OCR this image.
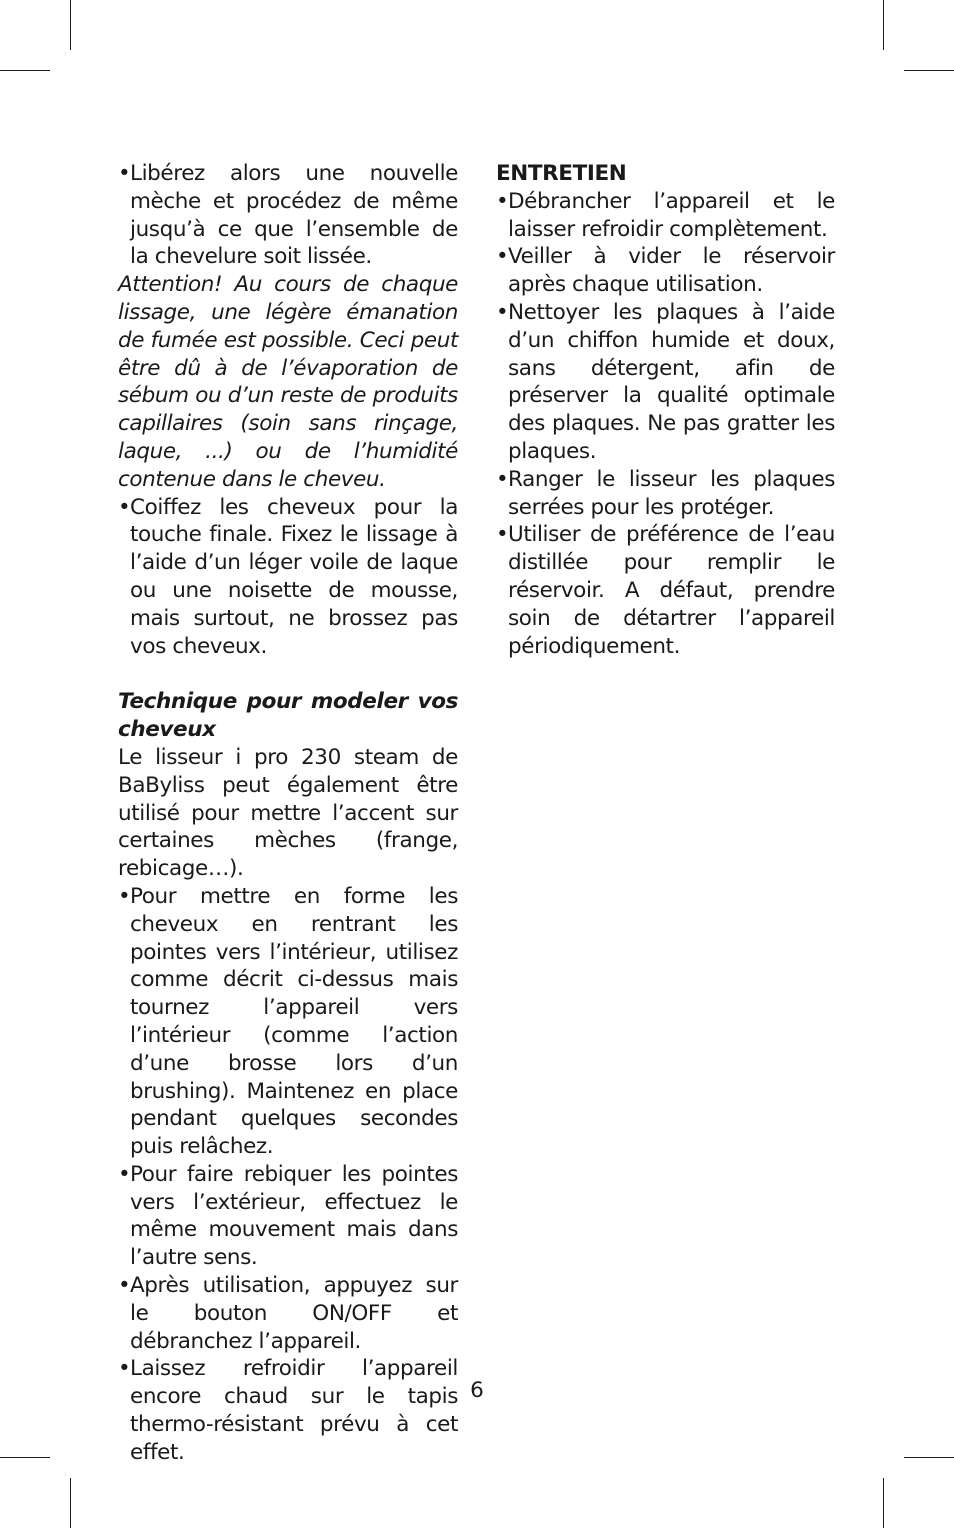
• Libérez alors une nouvelle mèche et procédez de même jusqu’à ce que l’ensemble de la chevelure soit lissée.

Attention! Au cours de chaque lissage, une légère émanation de fumée est possible. Ceci peut être dû à de l’évaporation de sébum ou d’un reste de produits capillaires (soin sans rinçage, laque, ...) ou de l’humidité contenue dans le cheveu.

• Coiffez les cheveux pour la touche finale. Fixez le lissage à l’aide d’un léger voile de laque ou une noisette de mousse, mais surtout, ne brossez pas vos cheveux.

Technique pour modeler vos cheveux

Le lisseur i pro 230 steam de BaByliss peut également être utilisé pour mettre l’accent sur certaines mèches (frange, rebicage…).

• Pour mettre en forme les cheveux en rentrant les pointes vers l’intérieur, utilisez comme décrit ci-dessus mais tournez l’appareil vers l’intérieur (comme l’action d’une brosse lors d’un brushing). Maintenez en place pendant quelques secondes puis relâchez.

• Pour faire rebiquer les pointes vers l’extérieur, effectuez le même mouvement mais dans l’autre sens.

• Après utilisation, appuyez sur le bouton ON/OFF et débranchez l’appareil.

• Laissez refroidir l’appareil encore chaud sur le tapis thermo-résistant prévu à cet effet.

ENTRETIEN

• Débrancher l’appareil et le laisser refroidir complètement.

• Veiller à vider le réservoir après chaque utilisation.

• Nettoyer les plaques à l’aide d’un chiffon humide et doux, sans détergent, afin de préserver la qualité optimale des plaques. Ne pas gratter les plaques.

• Ranger le lisseur les plaques serrées pour les protéger.

• Utiliser de préférence de l’eau distillée pour remplir le réservoir. A défaut, prendre soin de détartrer l’appareil périodiquement.

6
